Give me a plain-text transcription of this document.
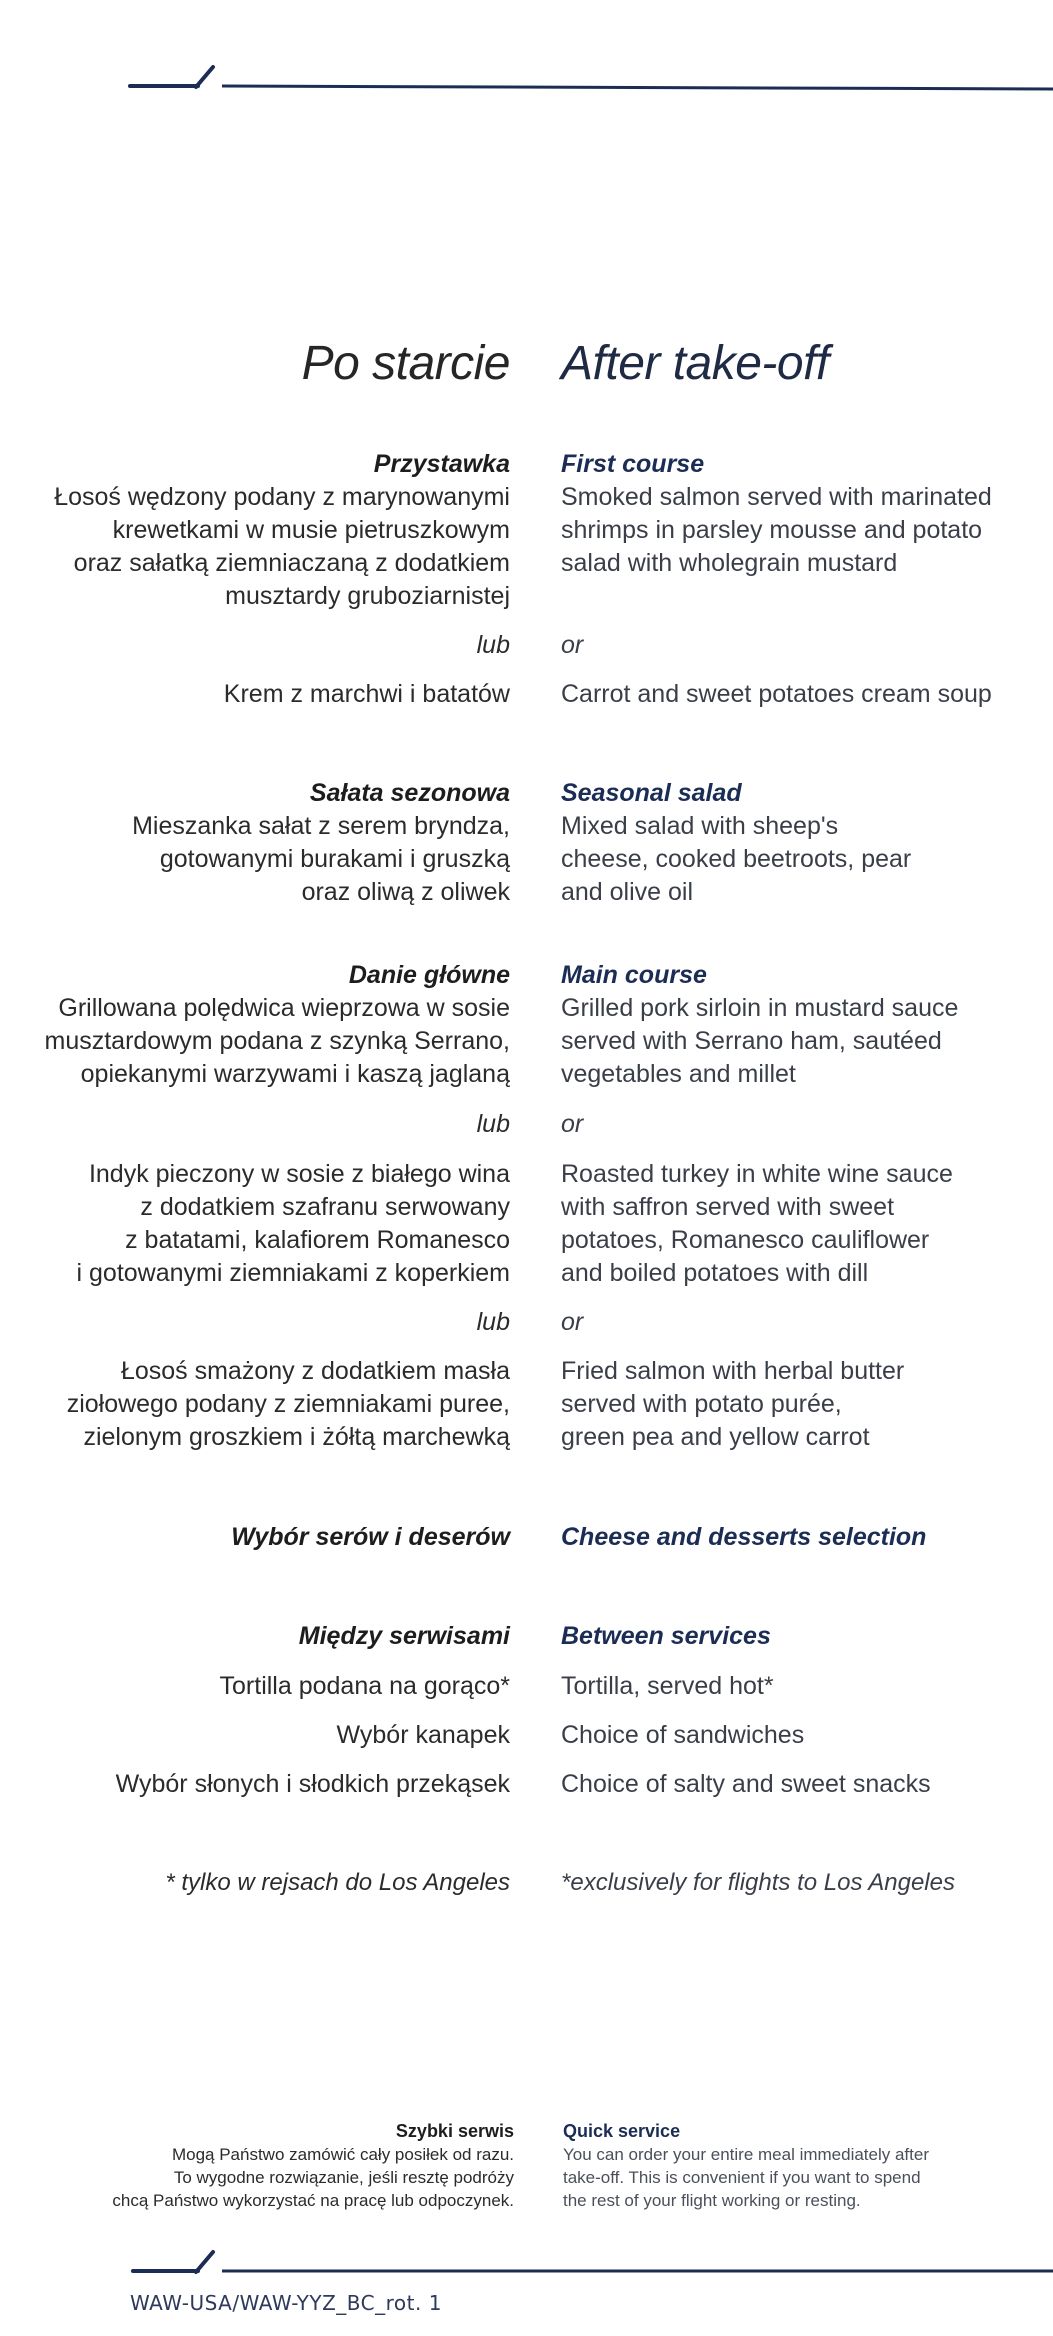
Po starcie After take-off
Przystawka
Łosoś wędzony podany z marynowanymi
krewetkami w musie pietruszkowym
oraz sałatką ziemniaczaną z dodatkiem
musztardy gruboziarnistej
First course
Smoked salmon served with marinated
shrimps in parsley mousse and potato
salad with wholegrain mustard
lub or
Krem z marchwi i batatów Carrot and sweet potatoes cream soup
Sałata sezonowa
Mieszanka sałat z serem bryndza,
gotowanymi burakami i gruszką
oraz oliwą z oliwek
Seasonal salad
Mixed salad with sheep's
cheese, cooked beetroots, pear
and olive oil
Danie główne
Grillowana polędwica wieprzowa w sosie
musztardowym podana z szynką Serrano,
opiekanymi warzywami i kaszą jaglaną
Main course
Grilled pork sirloin in mustard sauce
served with Serrano ham, sautéed
vegetables and millet
lub or
Indyk pieczony w sosie z białego wina
z dodatkiem szafranu serwowany
z batatami, kalafiorem Romanesco
i gotowanymi ziemniakami z koperkiem
Roasted turkey in white wine sauce
with saffron served with sweet
potatoes, Romanesco cauliflower
and boiled potatoes with dill
lub or
Łosoś smażony z dodatkiem masła
ziołowego podany z ziemniakami puree,
zielonym groszkiem i żółtą marchewką
Fried salmon with herbal butter
served with potato purée,
green pea and yellow carrot
Wybór serów i deserów Cheese and desserts selection
Między serwisami Between services
Tortilla podana na gorąco* Tortilla, served hot*
Wybór kanapek Choice of sandwiches
Wybór słonych i słodkich przekąsek Choice of salty and sweet snacks
* tylko w rejsach do Los Angeles *exclusively for flights to Los Angeles
Szybki serwis
Mogą Państwo zamówić cały posiłek od razu.
To wygodne rozwiązanie, jeśli resztę podróży
chcą Państwo wykorzystać na pracę lub odpoczynek.
Quick service
You can order your entire meal immediately after
take-off. This is convenient if you want to spend
the rest of your flight working or resting.
WAW-USA/WAW-YYZ_BC_rot. 1
